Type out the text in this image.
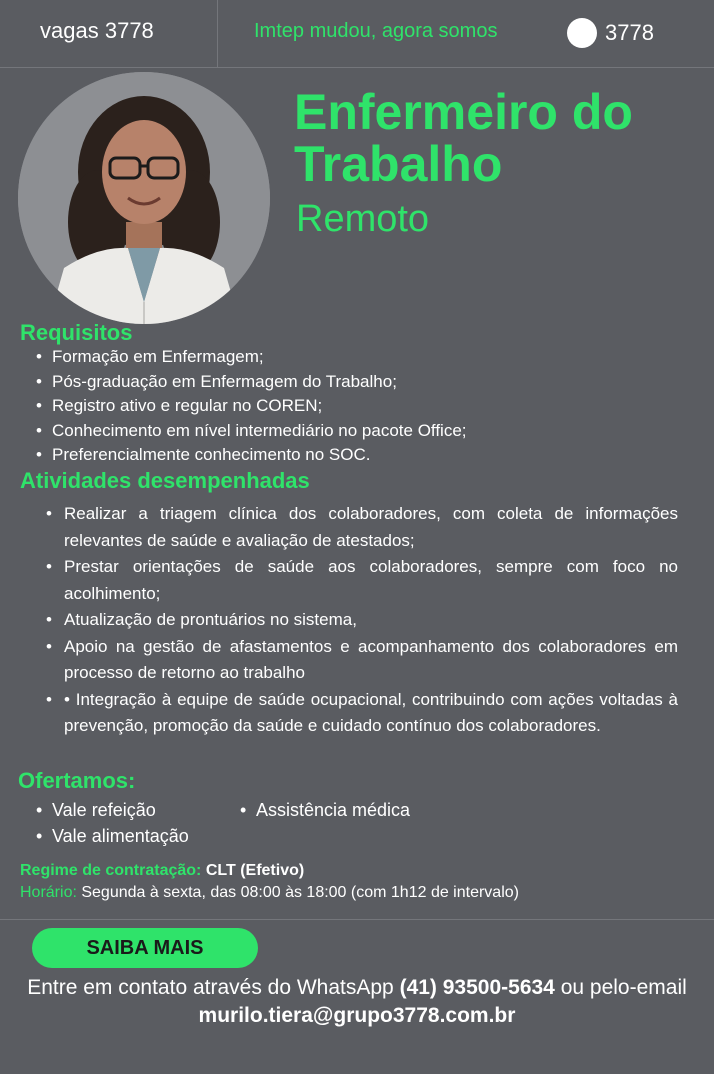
vagas 3778	Imtep mudou, agora somos	3778
Enfermeiro do Trabalho
Remoto
Requisitos
• Formação em Enfermagem;
• Pós-graduação em Enfermagem do Trabalho;
• Registro ativo e regular no COREN;
• Conhecimento em nível intermediário no pacote Office;
• Preferencialmente conhecimento no SOC.
Atividades desempenhadas
• Realizar a triagem clínica dos colaboradores, com coleta de informações relevantes de saúde e avaliação de atestados;
• Prestar orientações de saúde aos colaboradores, sempre com foco no acolhimento;
• Atualização de prontuários no sistema,
• Apoio na gestão de afastamentos e acompanhamento dos colaboradores em processo de retorno ao trabalho
• • Integração à equipe de saúde ocupacional, contribuindo com ações voltadas à prevenção, promoção da saúde e cuidado contínuo dos colaboradores.
Ofertamos:
• Vale refeição
•	Assistência médica
• Vale alimentação
Regime de contratação: CLT (Efetivo)
Horário: Segunda à sexta, das 08:00 às 18:00 (com 1h12 de intervalo)
SAIBA MAIS
Entre em contato através do WhatsApp (41) 93500-5634 ou pelo-email
murilo.tiera@grupo3778.com.br
